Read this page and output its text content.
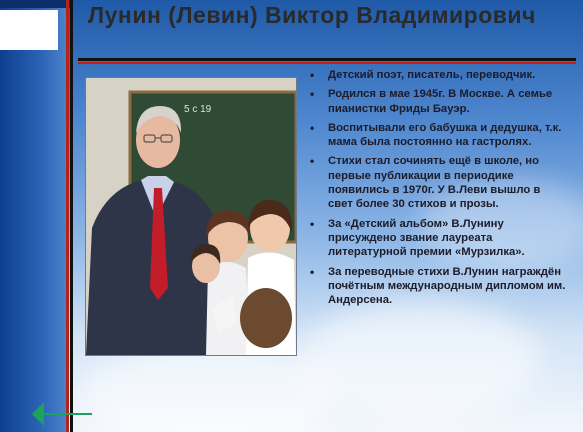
Лунин (Левин) Виктор Владимирович
5 с 19
• Детский поэт, писатель, переводчик.
• Родился в мае 1945г. В Москве. А семье пианистки Фриды Бауэр.
• Воспитывали его бабушка и дедушка, т.к. мама была постоянно на гастролях.
• Стихи стал сочинять ещё в школе, но первые публикации в периодике появились в 1970г. У В.Леви вышло в свет более 30 стихов и прозы.
• За «Детский альбом» В.Лунину присуждено звание лауреата литературной премии «Мурзилка».
• За переводные стихи В.Лунин награждён почётным международным дипломом им. Андерсена.
